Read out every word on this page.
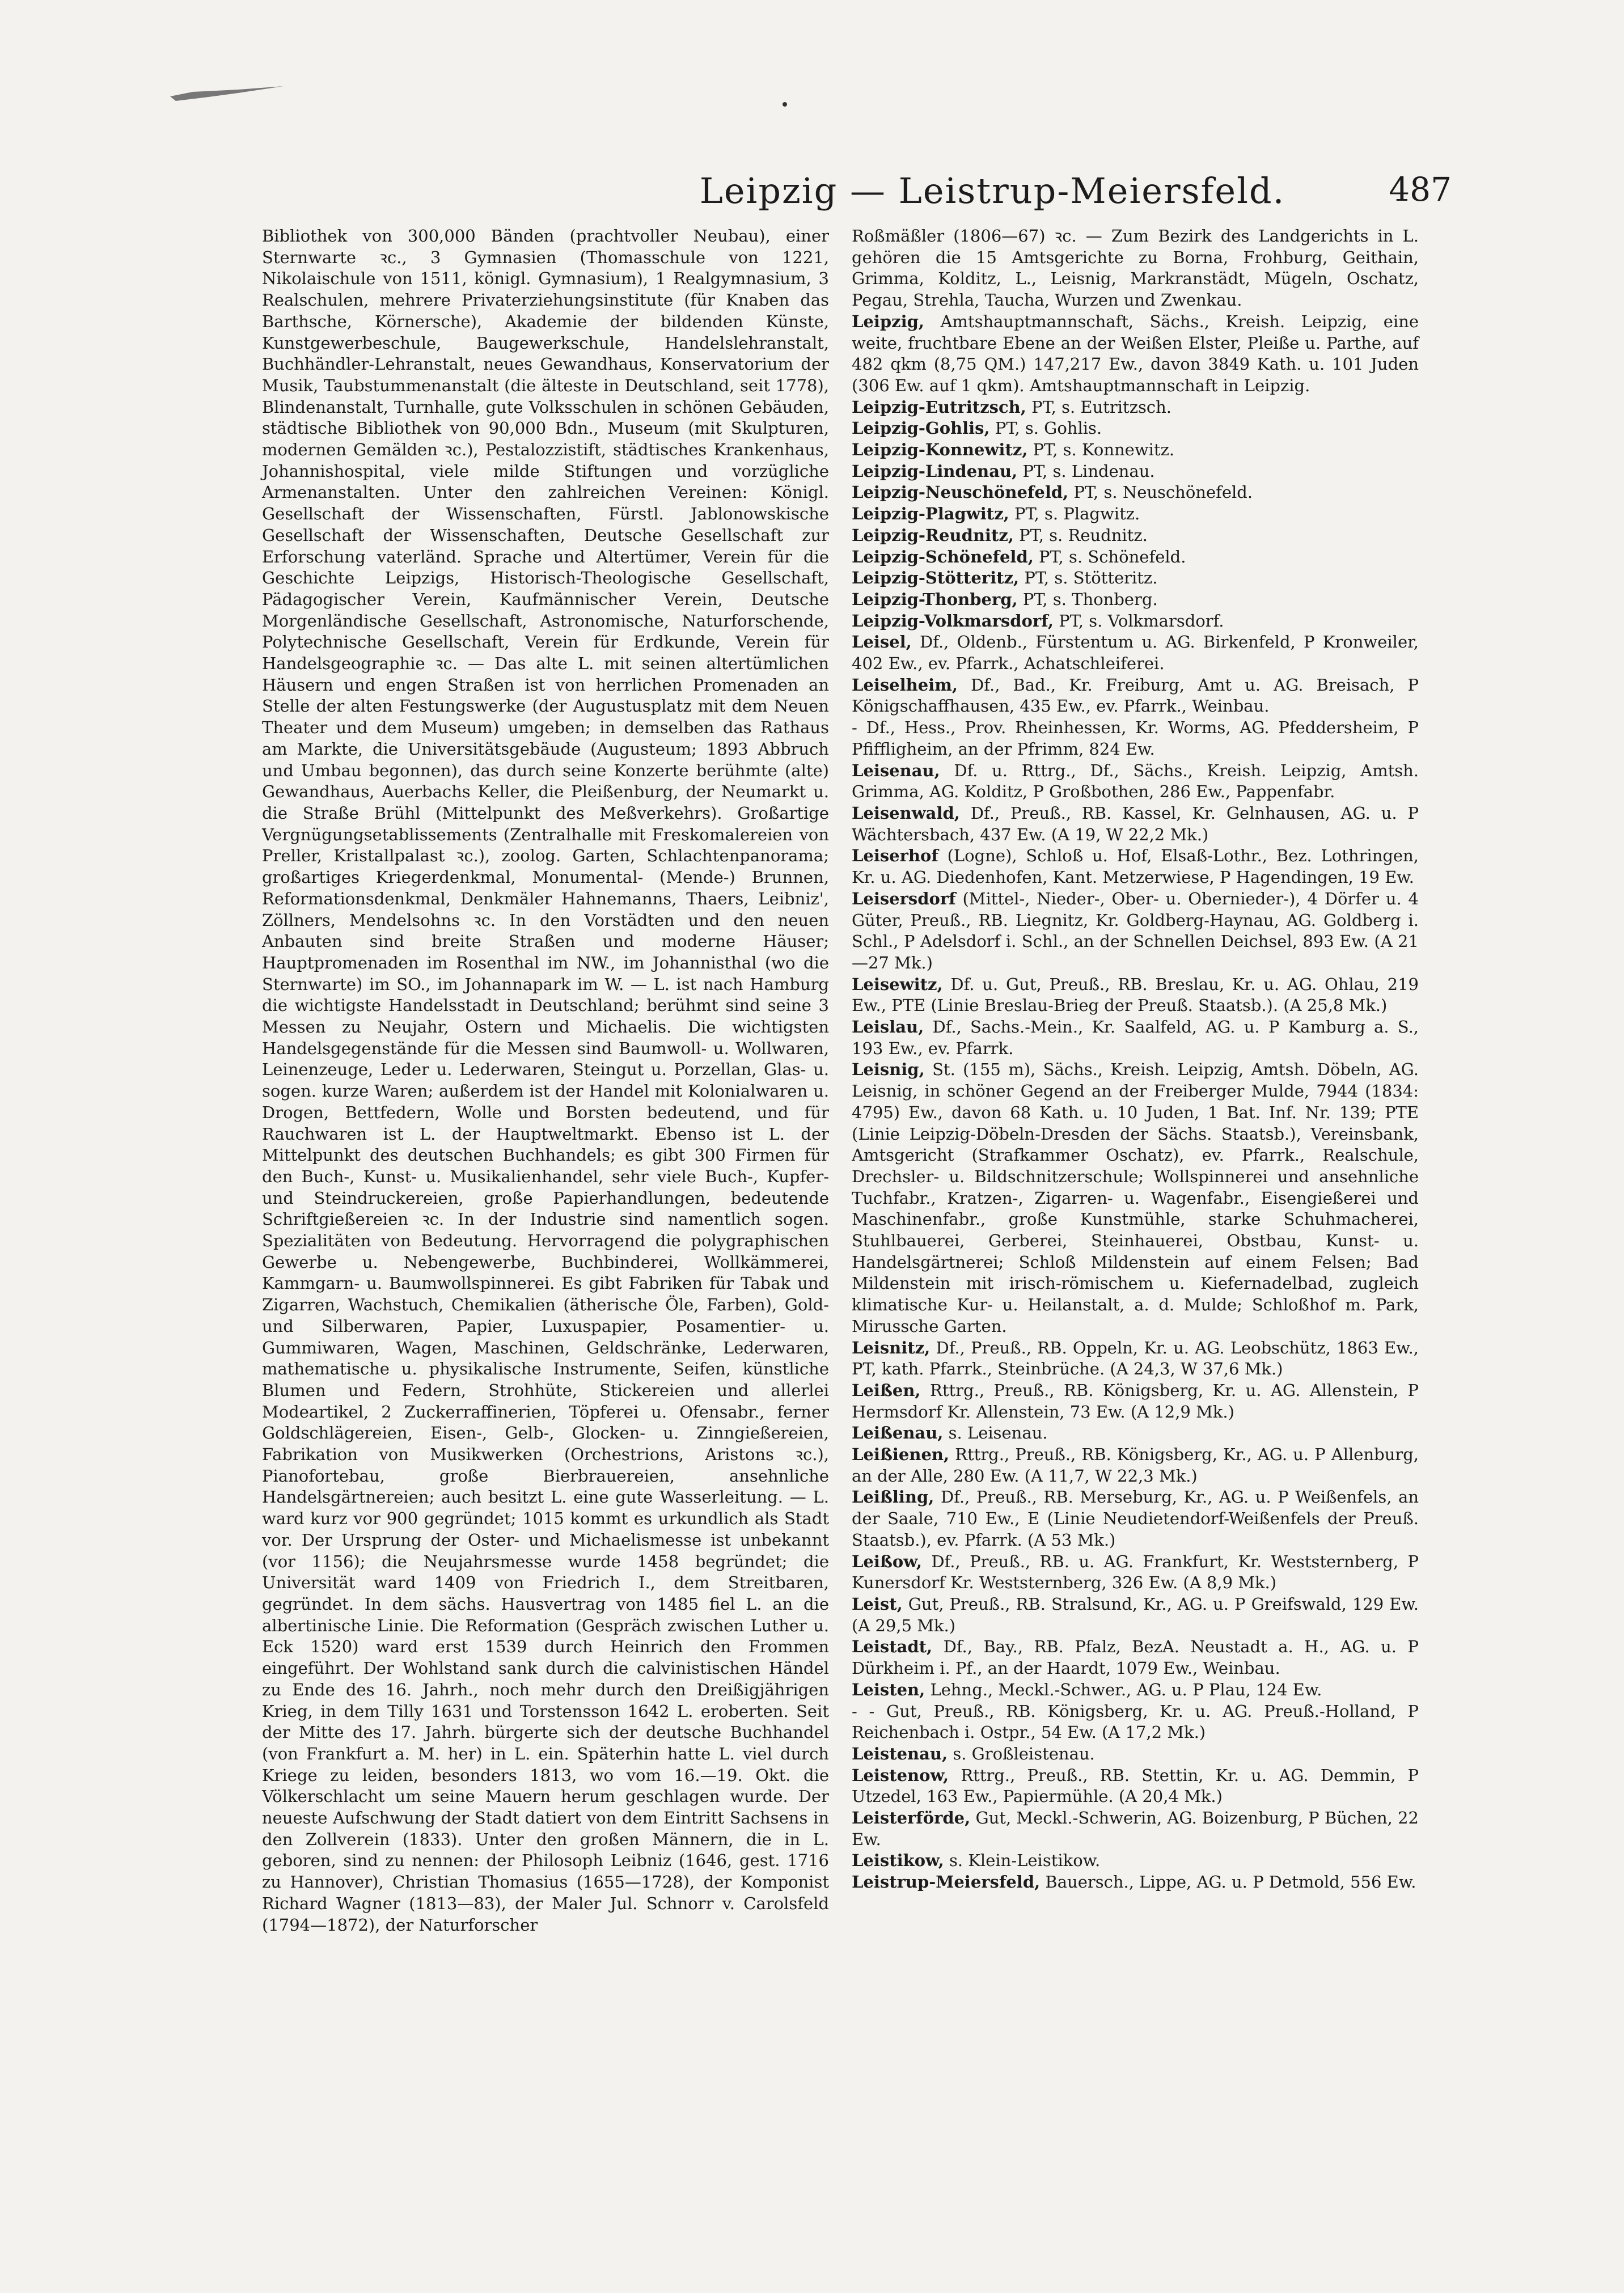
Leipzig — Leistrup-Meiersfeld.	487

Bibliothek von 300,000 Bänden (prachtvoller Neubau), einer Sternwarte ꝛc., 3 Gymnasien (Thomasschule von 1221, Nikolaischule von 1511, königl. Gymnasium), 1 Realgymnasium, 3 Realschulen, mehrere Privaterziehungsinstitute (für Knaben das Barthsche, Körnersche), Akademie der bildenden Künste, Kunstgewerbeschule, Baugewerkschule, Handelslehranstalt, Buchhändler-Lehranstalt, neues Gewandhaus, Konservatorium der Musik, Taubstummenanstalt (die älteste in Deutschland, seit 1778), Blindenanstalt, Turnhalle, gute Volksschulen in schönen Gebäuden, städtische Bibliothek von 90,000 Bdn., Museum (mit Skulpturen, modernen Gemälden ꝛc.), Pestalozzistift, städtisches Krankenhaus, Johannishospital, viele milde Stiftungen und vorzügliche Armenanstalten. Unter den zahlreichen Vereinen: Königl. Gesellschaft der Wissenschaften, Fürstl. Jablonowskische Gesellschaft der Wissenschaften, Deutsche Gesellschaft zur Erforschung vaterländ. Sprache und Altertümer, Verein für die Geschichte Leipzigs, Historisch-Theologische Gesellschaft, Pädagogischer Verein, Kaufmännischer Verein, Deutsche Morgenländische Gesellschaft, Astronomische, Naturforschende, Polytechnische Gesellschaft, Verein für Erdkunde, Verein für Handelsgeographie ꝛc. — Das alte L. mit seinen altertümlichen Häusern und engen Straßen ist von herrlichen Promenaden an Stelle der alten Festungswerke (der Augustusplatz mit dem Neuen Theater und dem Museum) umgeben; in demselben das Rathaus am Markte, die Universitätsgebäude (Augusteum; 1893 Abbruch und Umbau begonnen), das durch seine Konzerte berühmte (alte) Gewandhaus, Auerbachs Keller, die Pleißenburg, der Neumarkt u. die Straße Brühl (Mittelpunkt des Meßverkehrs). Großartige Vergnügungsetablissements (Zentralhalle mit Freskomalereien von Preller, Kristallpalast ꝛc.), zoolog. Garten, Schlachtenpanorama; großartiges Kriegerdenkmal, Monumental- (Mende-) Brunnen, Reformationsdenkmal, Denkmäler Hahnemanns, Thaers, Leibniz', Zöllners, Mendelsohns ꝛc. In den Vorstädten und den neuen Anbauten sind breite Straßen und moderne Häuser; Hauptpromenaden im Rosenthal im NW., im Johannisthal (wo die Sternwarte) im SO., im Johannapark im W. — L. ist nach Hamburg die wichtigste Handelsstadt in Deutschland; berühmt sind seine 3 Messen zu Neujahr, Ostern und Michaelis. Die wichtigsten Handelsgegenstände für die Messen sind Baumwoll- u. Wollwaren, Leinenzeuge, Leder u. Lederwaren, Steingut u. Porzellan, Glas- u. sogen. kurze Waren; außerdem ist der Handel mit Kolonialwaren u. Drogen, Bettfedern, Wolle und Borsten bedeutend, und für Rauchwaren ist L. der Hauptweltmarkt. Ebenso ist L. der Mittelpunkt des deutschen Buchhandels; es gibt 300 Firmen für den Buch-, Kunst- u. Musikalienhandel, sehr viele Buch-, Kupfer- und Steindruckereien, große Papierhandlungen, bedeutende Schriftgießereien ꝛc. In der Industrie sind namentlich sogen. Spezialitäten von Bedeutung. Hervorragend die polygraphischen Gewerbe u. Nebengewerbe, Buchbinderei, Wollkämmerei, Kammgarn- u. Baumwollspinnerei. Es gibt Fabriken für Tabak und Zigarren, Wachstuch, Chemikalien (ätherische Öle, Farben), Gold- und Silberwaren, Papier, Luxuspapier, Posamentier- u. Gummiwaren, Wagen, Maschinen, Geldschränke, Lederwaren, mathematische u. physikalische Instrumente, Seifen, künstliche Blumen und Federn, Strohhüte, Stickereien und allerlei Modeartikel, 2 Zuckerraffinerien, Töpferei u. Ofensabr., ferner Goldschlägereien, Eisen-, Gelb-, Glocken- u. Zinngießereien, Fabrikation von Musikwerken (Orchestrions, Aristons ꝛc.), Pianofortebau, große Bierbrauereien, ansehnliche Handelsgärtnereien; auch besitzt L. eine gute Wasserleitung. — L. ward kurz vor 900 gegründet; 1015 kommt es urkundlich als Stadt vor. Der Ursprung der Oster- und Michaelismesse ist unbekannt (vor 1156); die Neujahrsmesse wurde 1458 begründet; die Universität ward 1409 von Friedrich I., dem Streitbaren, gegründet. In dem sächs. Hausvertrag von 1485 fiel L. an die albertinische Linie. Die Reformation (Gespräch zwischen Luther u. Eck 1520) ward erst 1539 durch Heinrich den Frommen eingeführt. Der Wohlstand sank durch die calvinistischen Händel zu Ende des 16. Jahrh., noch mehr durch den Dreißigjährigen Krieg, in dem Tilly 1631 und Torstensson 1642 L. eroberten. Seit der Mitte des 17. Jahrh. bürgerte sich der deutsche Buchhandel (von Frankfurt a. M. her) in L. ein. Späterhin hatte L. viel durch Kriege zu leiden, besonders 1813, wo vom 16.—19. Okt. die Völkerschlacht um seine Mauern herum geschlagen wurde. Der neueste Aufschwung der Stadt datiert von dem Eintritt Sachsens in den Zollverein (1833). Unter den großen Männern, die in L. geboren, sind zu nennen: der Philosoph Leibniz (1646, gest. 1716 zu Hannover), Christian Thomasius (1655—1728), der Komponist Richard Wagner (1813—83), der Maler Jul. Schnorr v. Carolsfeld (1794—1872), der Naturforscher

Roßmäßler (1806—67) ꝛc. — Zum Bezirk des Landgerichts in L. gehören die 15 Amtsgerichte zu Borna, Frohburg, Geithain, Grimma, Kolditz, L., Leisnig, Markranstädt, Mügeln, Oschatz, Pegau, Strehla, Taucha, Wurzen und Zwenkau.

Leipzig, Amtshauptmannschaft, Sächs., Kreish. Leipzig, eine weite, fruchtbare Ebene an der Weißen Elster, Pleiße u. Parthe, auf 482 qkm (8,75 QM.) 147,217 Ew., davon 3849 Kath. u. 101 Juden (306 Ew. auf 1 qkm). Amtshauptmannschaft in Leipzig.

Leipzig-Eutritzsch, PT, s. Eutritzsch.

Leipzig-Gohlis, PT, s. Gohlis.

Leipzig-Konnewitz, PT, s. Konnewitz.

Leipzig-Lindenau, PT, s. Lindenau.

Leipzig-Neuschönefeld, PT, s. Neuschönefeld.

Leipzig-Plagwitz, PT, s. Plagwitz.

Leipzig-Reudnitz, PT, s. Reudnitz.

Leipzig-Schönefeld, PT, s. Schönefeld.

Leipzig-Stötteritz, PT, s. Stötteritz.

Leipzig-Thonberg, PT, s. Thonberg.

Leipzig-Volkmarsdorf, PT, s. Volkmarsdorf.

Leisel, Df., Oldenb., Fürstentum u. AG. Birkenfeld, P Kronweiler, 402 Ew., ev. Pfarrk., Achatschleiferei.

Leiselheim, Df., Bad., Kr. Freiburg, Amt u. AG. Breisach, P Königschaffhausen, 435 Ew., ev. Pfarrk., Weinbau.

- Df., Hess., Prov. Rheinhessen, Kr. Worms, AG. Pfeddersheim, P Pfiffligheim, an der Pfrimm, 824 Ew.

Leisenau, Df. u. Rttrg., Df., Sächs., Kreish. Leipzig, Amtsh. Grimma, AG. Kolditz, P Großbothen, 286 Ew., Pappenfabr.

Leisenwald, Df., Preuß., RB. Kassel, Kr. Gelnhausen, AG. u. P Wächtersbach, 437 Ew. (A 19, W 22,2 Mk.)

Leiserhof (Logne), Schloß u. Hof, Elsaß-Lothr., Bez. Lothringen, Kr. u. AG. Diedenhofen, Kant. Metzerwiese, P Hagendingen, 19 Ew.

Leisersdorf (Mittel-, Nieder-, Ober- u. Obernieder-), 4 Dörfer u. 4 Güter, Preuß., RB. Liegnitz, Kr. Goldberg-Haynau, AG. Goldberg i. Schl., P Adelsdorf i. Schl., an der Schnellen Deichsel, 893 Ew. (A 21—27 Mk.)

Leisewitz, Df. u. Gut, Preuß., RB. Breslau, Kr. u. AG. Ohlau, 219 Ew., PTE (Linie Breslau-Brieg der Preuß. Staatsb.). (A 25,8 Mk.)

Leislau, Df., Sachs.-Mein., Kr. Saalfeld, AG. u. P Kamburg a. S., 193 Ew., ev. Pfarrk.

Leisnig, St. (155 m), Sächs., Kreish. Leipzig, Amtsh. Döbeln, AG. Leisnig, in schöner Gegend an der Freiberger Mulde, 7944 (1834: 4795) Ew., davon 68 Kath. u. 10 Juden, 1 Bat. Inf. Nr. 139; PTE (Linie Leipzig-Döbeln-Dresden der Sächs. Staatsb.), Vereinsbank, Amtsgericht (Strafkammer Oschatz), ev. Pfarrk., Realschule, Drechsler- u. Bildschnitzerschule; Wollspinnerei und ansehnliche Tuchfabr., Kratzen-, Zigarren- u. Wagenfabr., Eisengießerei und Maschinenfabr., große Kunstmühle, starke Schuhmacherei, Stuhlbauerei, Gerberei, Steinhauerei, Obstbau, Kunst- u. Handelsgärtnerei; Schloß Mildenstein auf einem Felsen; Bad Mildenstein mit irisch-römischem u. Kiefernadelbad, zugleich klimatische Kur- u. Heilanstalt, a. d. Mulde; Schloßhof m. Park, Mirussche Garten.

Leisnitz, Df., Preuß., RB. Oppeln, Kr. u. AG. Leobschütz, 1863 Ew., PT, kath. Pfarrk., Steinbrüche. (A 24,3, W 37,6 Mk.)

Leißen, Rttrg., Preuß., RB. Königsberg, Kr. u. AG. Allenstein, P Hermsdorf Kr. Allenstein, 73 Ew. (A 12,9 Mk.)

Leißenau, s. Leisenau.

Leißienen, Rttrg., Preuß., RB. Königsberg, Kr., AG. u. P Allenburg, an der Alle, 280 Ew. (A 11,7, W 22,3 Mk.)

Leißling, Df., Preuß., RB. Merseburg, Kr., AG. u. P Weißenfels, an der Saale, 710 Ew., E (Linie Neudietendorf-Weißenfels der Preuß. Staatsb.), ev. Pfarrk. (A 53 Mk.)

Leißow, Df., Preuß., RB. u. AG. Frankfurt, Kr. Weststernberg, P Kunersdorf Kr. Weststernberg, 326 Ew. (A 8,9 Mk.)

Leist, Gut, Preuß., RB. Stralsund, Kr., AG. u. P Greifswald, 129 Ew. (A 29,5 Mk.)

Leistadt, Df., Bay., RB. Pfalz, BezA. Neustadt a. H., AG. u. P Dürkheim i. Pf., an der Haardt, 1079 Ew., Weinbau.

Leisten, Lehng., Meckl.-Schwer., AG. u. P Plau, 124 Ew.

- - Gut, Preuß., RB. Königsberg, Kr. u. AG. Preuß.-Holland, P Reichenbach i. Ostpr., 54 Ew. (A 17,2 Mk.)

Leistenau, s. Großleistenau.

Leistenow, Rttrg., Preuß., RB. Stettin, Kr. u. AG. Demmin, P Utzedel, 163 Ew., Papiermühle. (A 20,4 Mk.)

Leisterförde, Gut, Meckl.-Schwerin, AG. Boizenburg, P Büchen, 22 Ew.

Leistikow, s. Klein-Leistikow.

Leistrup-Meiersfeld, Bauersch., Lippe, AG. u. P Detmold, 556 Ew.
